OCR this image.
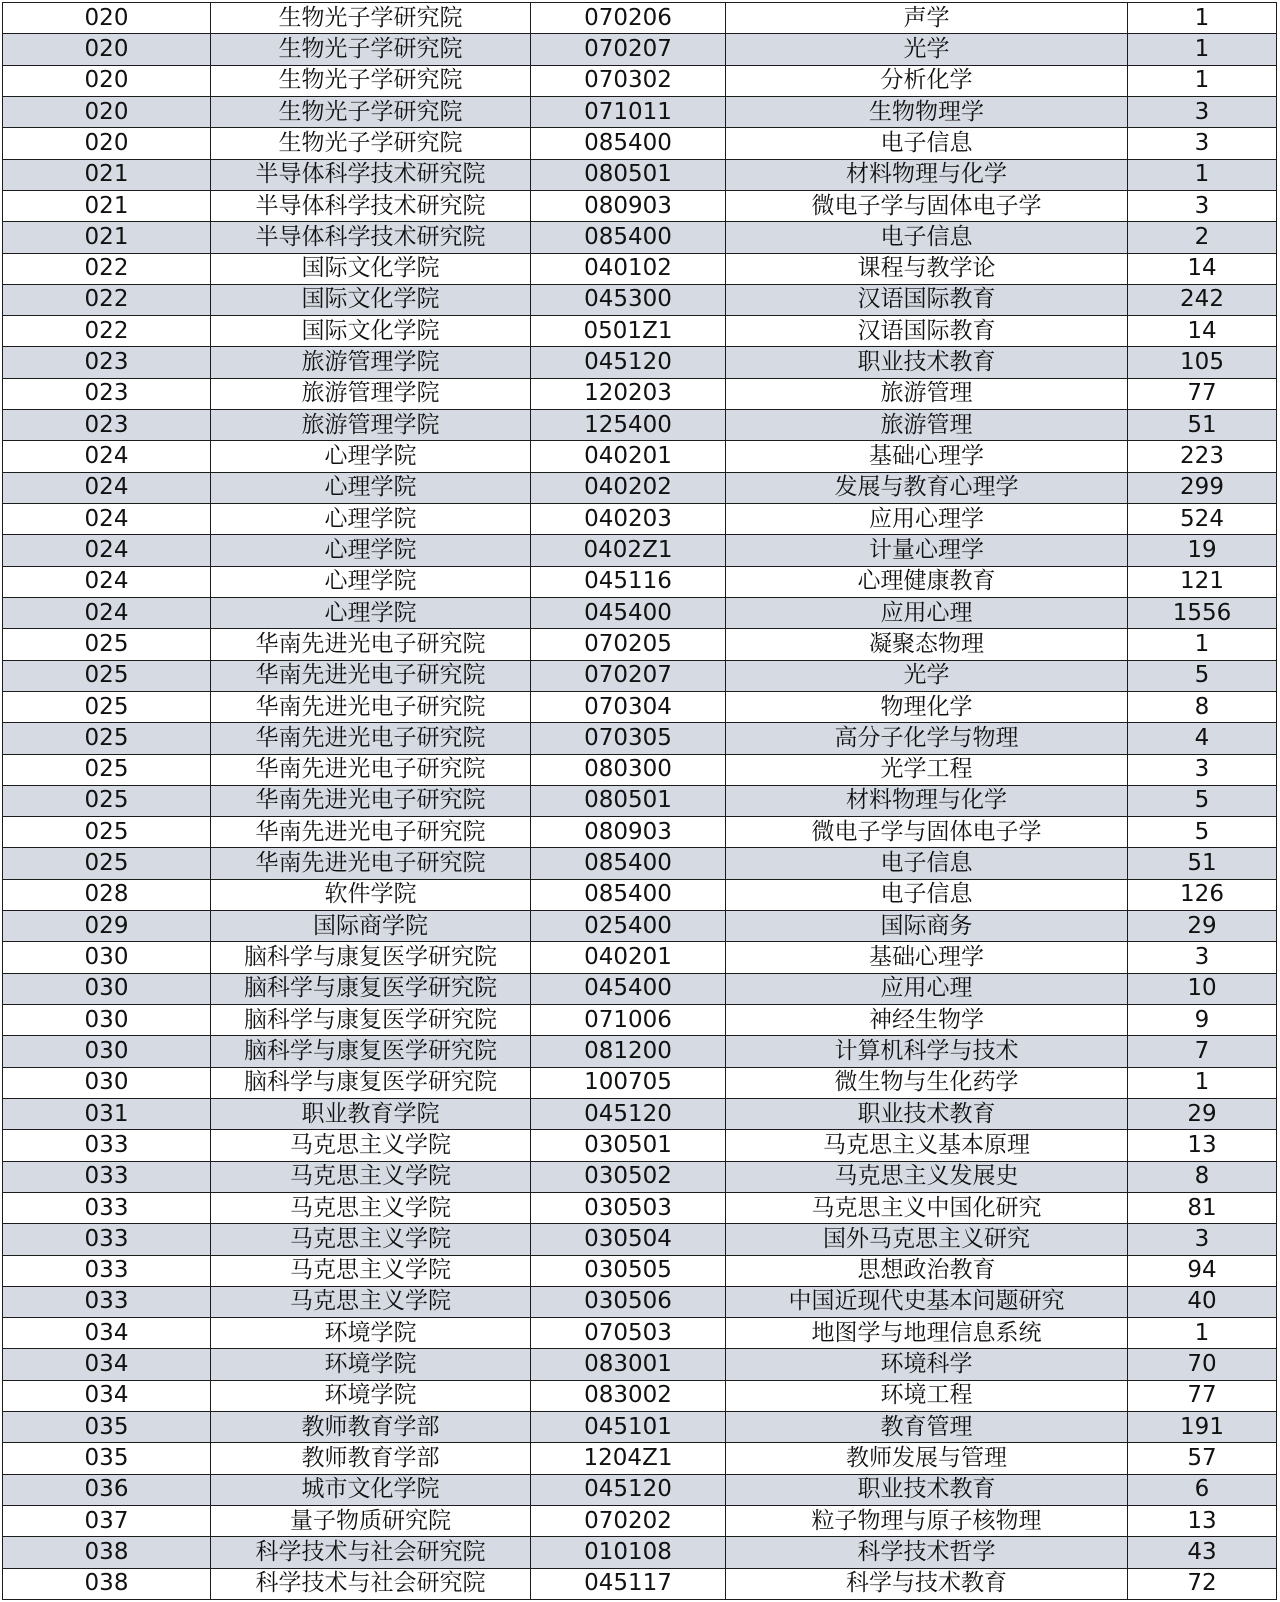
020	生物光子学研究院	070206	声学	1
020	生物光子学研究院	070207	光学	1
020	生物光子学研究院	070302	分析化学	1
020	生物光子学研究院	071011	生物物理学	3
020	生物光子学研究院	085400	电子信息	3
021	半导体科学技术研究院	080501	材料物理与化学	1
021	半导体科学技术研究院	080903	微电子学与固体电子学	3
021	半导体科学技术研究院	085400	电子信息	2
022	国际文化学院	040102	课程与教学论	14
022	国际文化学院	045300	汉语国际教育	242
022	国际文化学院	0501Z1	汉语国际教育	14
023	旅游管理学院	045120	职业技术教育	105
023	旅游管理学院	120203	旅游管理	77
023	旅游管理学院	125400	旅游管理	51
024	心理学院	040201	基础心理学	223
024	心理学院	040202	发展与教育心理学	299
024	心理学院	040203	应用心理学	524
024	心理学院	0402Z1	计量心理学	19
024	心理学院	045116	心理健康教育	121
024	心理学院	045400	应用心理	1556
025	华南先进光电子研究院	070205	凝聚态物理	1
025	华南先进光电子研究院	070207	光学	5
025	华南先进光电子研究院	070304	物理化学	8
025	华南先进光电子研究院	070305	高分子化学与物理	4
025	华南先进光电子研究院	080300	光学工程	3
025	华南先进光电子研究院	080501	材料物理与化学	5
025	华南先进光电子研究院	080903	微电子学与固体电子学	5
025	华南先进光电子研究院	085400	电子信息	51
028	软件学院	085400	电子信息	126
029	国际商学院	025400	国际商务	29
030	脑科学与康复医学研究院	040201	基础心理学	3
030	脑科学与康复医学研究院	045400	应用心理	10
030	脑科学与康复医学研究院	071006	神经生物学	9
030	脑科学与康复医学研究院	081200	计算机科学与技术	7
030	脑科学与康复医学研究院	100705	微生物与生化药学	1
031	职业教育学院	045120	职业技术教育	29
033	马克思主义学院	030501	马克思主义基本原理	13
033	马克思主义学院	030502	马克思主义发展史	8
033	马克思主义学院	030503	马克思主义中国化研究	81
033	马克思主义学院	030504	国外马克思主义研究	3
033	马克思主义学院	030505	思想政治教育	94
033	马克思主义学院	030506	中国近现代史基本问题研究	40
034	环境学院	070503	地图学与地理信息系统	1
034	环境学院	083001	环境科学	70
034	环境学院	083002	环境工程	77
035	教师教育学部	045101	教育管理	191
035	教师教育学部	1204Z1	教师发展与管理	57
036	城市文化学院	045120	职业技术教育	6
037	量子物质研究院	070202	粒子物理与原子核物理	13
038	科学技术与社会研究院	010108	科学技术哲学	43
038	科学技术与社会研究院	045117	科学与技术教育	72
